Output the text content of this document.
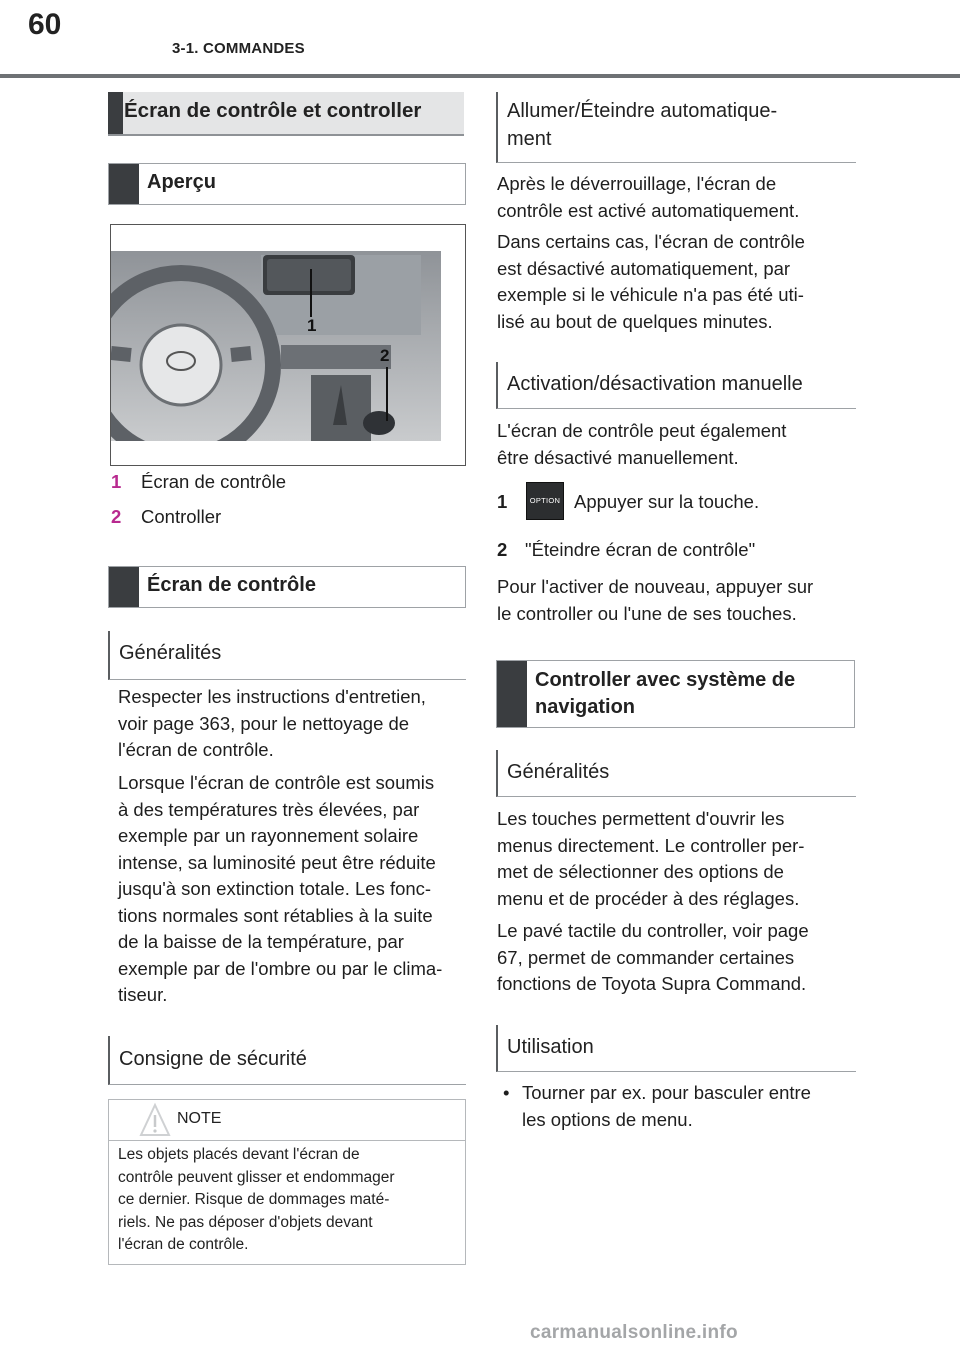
60
3-1. COMMANDES
Écran de contrôle et controller
Aperçu
1
2
1 Écran de contrôle
2 Controller
Écran de contrôle
Généralités
Respecter les instructions d'entretien,
voir page 363, pour le nettoyage de
l'écran de contrôle.
Lorsque l'écran de contrôle est soumis
à des températures très élevées, par
exemple par un rayonnement solaire
intense, sa luminosité peut être réduite
jusqu'à son extinction totale. Les fonc-
tions normales sont rétablies à la suite
de la baisse de la température, par
exemple par de l'ombre ou par le clima-
tiseur.
Consigne de sécurité
NOTE
Les objets placés devant l'écran de
contrôle peuvent glisser et endommager
ce dernier. Risque de dommages maté-
riels. Ne pas déposer d'objets devant
l'écran de contrôle.
Allumer/Éteindre automatique-
ment
Après le déverrouillage, l'écran de
contrôle est activé automatiquement.
Dans certains cas, l'écran de contrôle
est désactivé automatiquement, par
exemple si le véhicule n'a pas été uti-
lisé au bout de quelques minutes.
Activation/désactivation manuelle
L'écran de contrôle peut également
être désactivé manuellement.
1	OPTION Appuyer sur la touche.
2 "Éteindre écran de contrôle"
Pour l'activer de nouveau, appuyer sur
le controller ou l'une de ses touches.
Controller avec système de
navigation
Généralités
Les touches permettent d'ouvrir les
menus directement. Le controller per-
met de sélectionner des options de
menu et de procéder à des réglages.
Le pavé tactile du controller, voir page
67, permet de commander certaines
fonctions de Toyota Supra Command.
Utilisation
• Tourner par ex. pour basculer entre
les options de menu.
carmanualsonline.info
